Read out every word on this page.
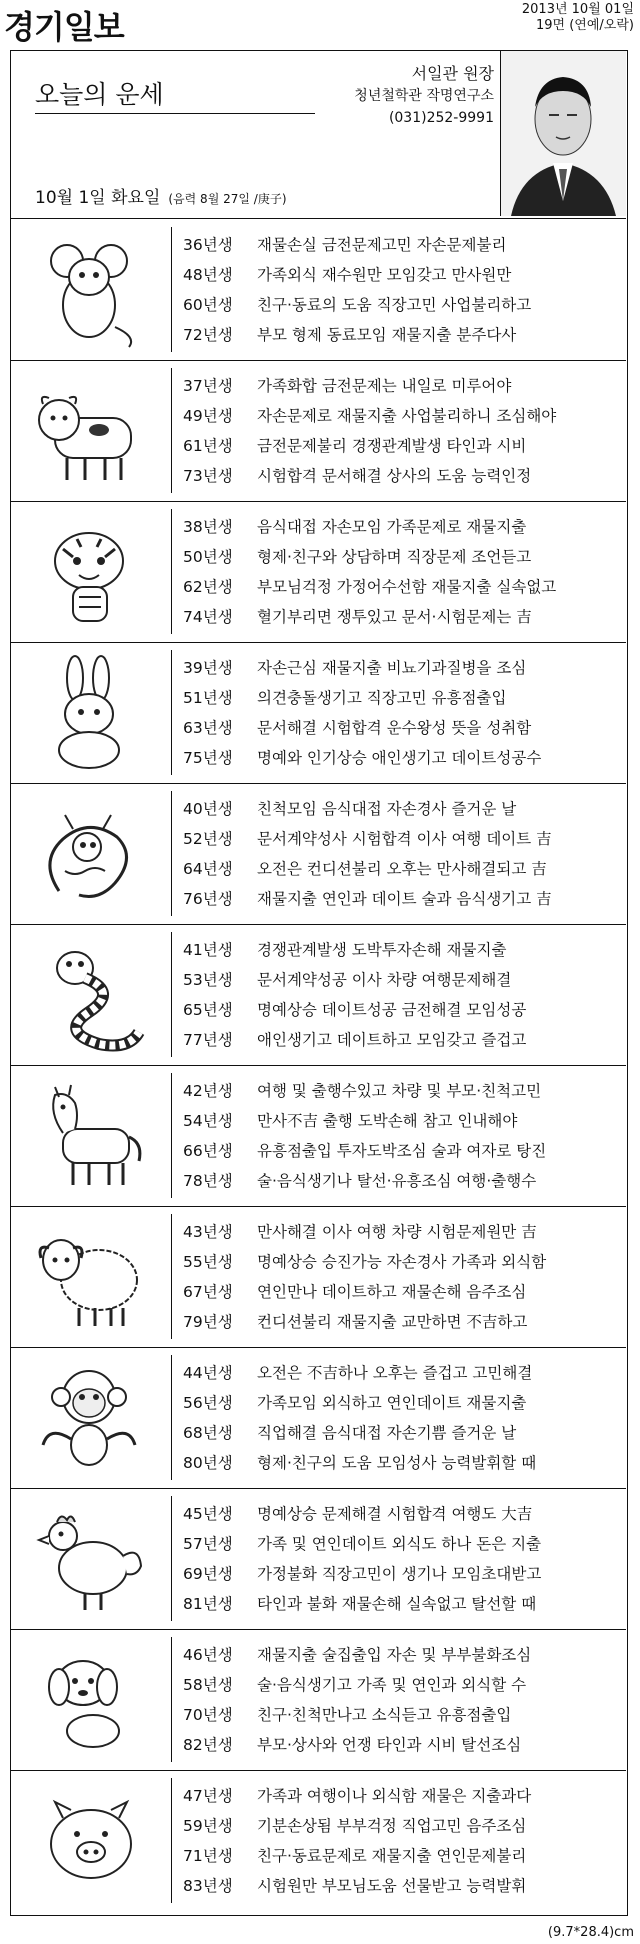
경기일보	2013년 10월 01일
19면 (연예/오락)
오늘의 운세
서일관 원장
청년철학관 작명연구소
(031)252-9991
10월 1일 화요일 (음력 8월 27일 /庚子)
36년생 재물손실 금전문제고민 자손문제불리
48년생 가족외식 재수원만 모임갖고 만사원만
60년생 친구·동료의 도움 직장고민 사업불리하고
72년생 부모 형제 동료모임 재물지출 분주다사
37년생 가족화합 금전문제는 내일로 미루어야
49년생 자손문제로 재물지출 사업불리하니 조심해야
61년생 금전문제불리 경쟁관계발생 타인과 시비
73년생 시험합격 문서해결 상사의 도움 능력인정
38년생 음식대접 자손모임 가족문제로 재물지출
50년생 형제·친구와 상담하며 직장문제 조언듣고
62년생 부모님걱정 가정어수선함 재물지출 실속없고
74년생 혈기부리면 쟁투있고 문서·시험문제는 吉
39년생 자손근심 재물지출 비뇨기과질병을 조심
51년생 의견충돌생기고 직장고민 유흥점출입
63년생 문서해결 시험합격 운수왕성 뜻을 성취함
75년생 명예와 인기상승 애인생기고 데이트성공수
40년생 친척모임 음식대접 자손경사 즐거운 날
52년생 문서계약성사 시험합격 이사 여행 데이트 吉
64년생 오전은 컨디션불리 오후는 만사해결되고 吉
76년생 재물지출 연인과 데이트 술과 음식생기고 吉
41년생 경쟁관계발생 도박투자손해 재물지출
53년생 문서계약성공 이사 차량 여행문제해결
65년생 명예상승 데이트성공 금전해결 모임성공
77년생 애인생기고 데이트하고 모임갖고 즐겁고
42년생 여행 및 출행수있고 차량 및 부모·친척고민
54년생 만사不吉 출행 도박손해 참고 인내해야
66년생 유흥점출입 투자도박조심 술과 여자로 탕진
78년생 술·음식생기나 탈선·유흥조심 여행·출행수
43년생 만사해결 이사 여행 차량 시험문제원만 吉
55년생 명예상승 승진가능 자손경사 가족과 외식함
67년생 연인만나 데이트하고 재물손해 음주조심
79년생 컨디션불리 재물지출 교만하면 不吉하고
44년생 오전은 不吉하나 오후는 즐겁고 고민해결
56년생 가족모임 외식하고 연인데이트 재물지출
68년생 직업해결 음식대접 자손기쁨 즐거운 날
80년생 형제·친구의 도움 모임성사 능력발휘할 때
45년생 명예상승 문제해결 시험합격 여행도 大吉
57년생 가족 및 연인데이트 외식도 하나 돈은 지출
69년생 가정불화 직장고민이 생기나 모임초대받고
81년생 타인과 불화 재물손해 실속없고 탈선할 때
46년생 재물지출 술집출입 자손 및 부부불화조심
58년생 술·음식생기고 가족 및 연인과 외식할 수
70년생 친구·친척만나고 소식듣고 유흥점출입
82년생 부모·상사와 언쟁 타인과 시비 탈선조심
47년생 가족과 여행이나 외식함 재물은 지출과다
59년생 기분손상됨 부부걱정 직업고민 음주조심
71년생 친구·동료문제로 재물지출 연인문제불리
83년생 시험원만 부모님도움 선물받고 능력발휘
(9.7*28.4)cm
